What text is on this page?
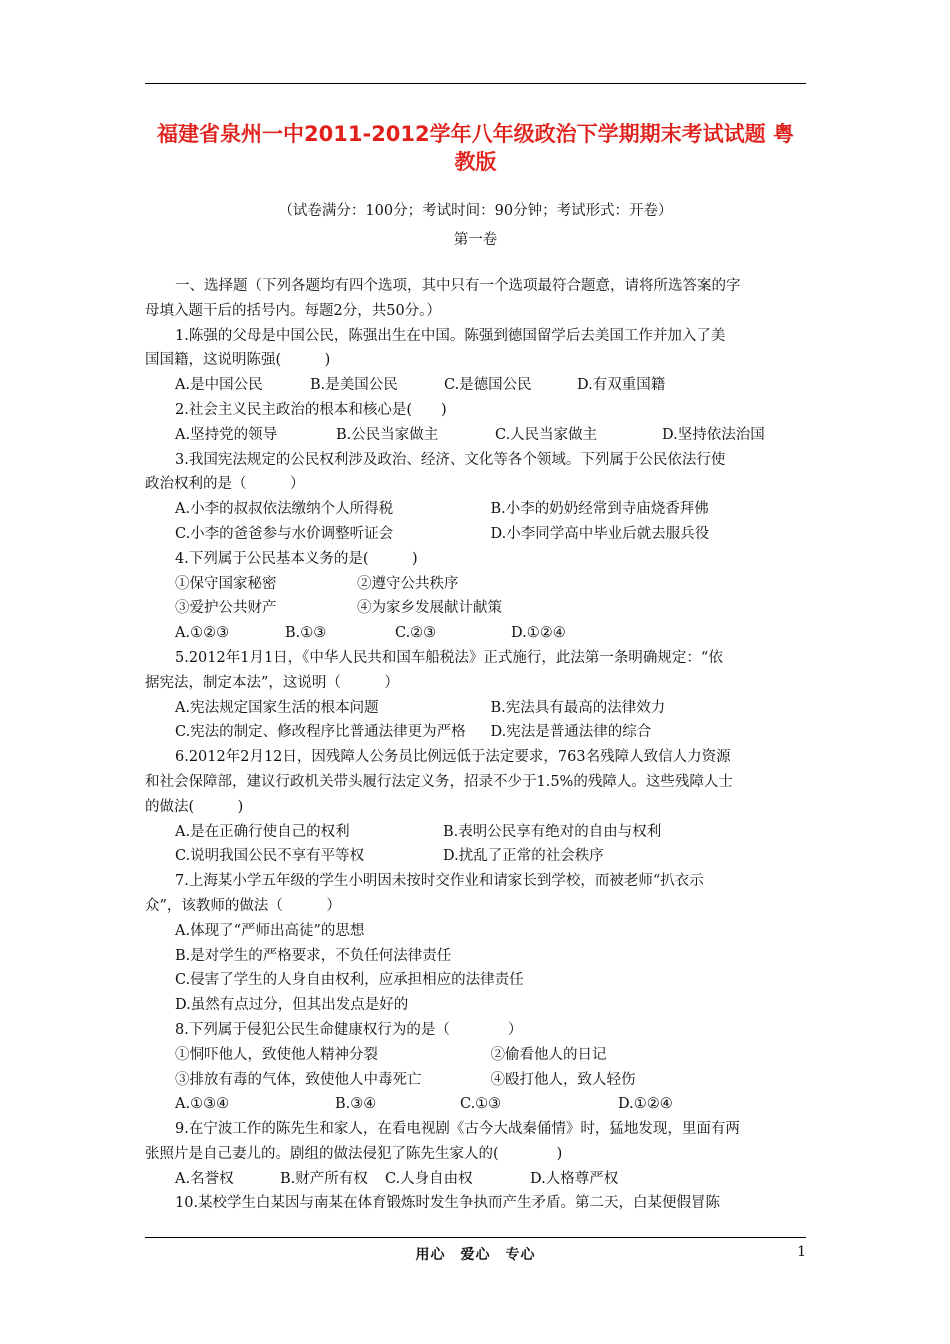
福建省泉州一中2011-2012学年八年级政治下学期期末考试试题 粤
教版
（试卷满分：100分；考试时间：90分钟；考试形式：开卷）
第一卷
一、选择题（下列各题均有四个选项，其中只有一个选项最符合题意，请将所选答案的字
母填入题干后的括号内。每题2分，共50分。）
1.陈强的父母是中国公民，陈强出生在中国。陈强到德国留学后去美国工作并加入了美
国国籍，这说明陈强(　　　)
A.是中国公民	B.是美国公民	C.是德国公民	D.有双重国籍
2.社会主义民主政治的根本和核心是(　　)
A.坚持党的领导	B.公民当家做主	C.人民当家做主	D.坚持依法治国
3.我国宪法规定的公民权利涉及政治、经济、文化等各个领域。下列属于公民依法行使
政治权利的是（　　　）
A.小李的叔叔依法缴纳个人所得税	B.小李的奶奶经常到寺庙烧香拜佛
C.小李的爸爸参与水价调整听证会	D.小李同学高中毕业后就去服兵役
4.下列属于公民基本义务的是(　　　)
①保守国家秘密	②遵守公共秩序
③爱护公共财产	④为家乡发展献计献策
A.①②③	B.①③	C.②③	D.①②④
5.2012年1月1日，《中华人民共和国车船税法》正式施行，此法第一条明确规定：“依
据宪法，制定本法”，这说明（　　　）
A.宪法规定国家生活的根本问题	B.宪法具有最高的法律效力
C.宪法的制定、修改程序比普通法律更为严格	D.宪法是普通法律的综合
6.2012年2月12日，因残障人公务员比例远低于法定要求，763名残障人致信人力资源
和社会保障部，建议行政机关带头履行法定义务，招录不少于1.5%的残障人。这些残障人士
的做法(　　　)
A.是在正确行使自己的权利	B.表明公民享有绝对的自由与权利
C.说明我国公民不享有平等权	D.扰乱了正常的社会秩序
7.上海某小学五年级的学生小明因未按时交作业和请家长到学校，而被老师“扒衣示
众”，该教师的做法（　　　）
A.体现了“严师出高徒”的思想
B.是对学生的严格要求，不负任何法律责任
C.侵害了学生的人身自由权利，应承担相应的法律责任
D.虽然有点过分，但其出发点是好的
8.下列属于侵犯公民生命健康权行为的是（　　　　）
①恫吓他人，致使他人精神分裂	②偷看他人的日记
③排放有毒的气体，致使他人中毒死亡	④殴打他人，致人轻伤
A.①③④	B.③④	C.①③	D.①②④
9.在宁波工作的陈先生和家人，在看电视剧《古今大战秦俑情》时，猛地发现，里面有两
张照片是自己妻儿的。剧组的做法侵犯了陈先生家人的(　　　　)
A.名誉权	B.财产所有权	C.人身自由权	D.人格尊严权
10.某校学生白某因与南某在体育锻炼时发生争执而产生矛盾。第二天，白某便假冒陈
用心　爱心　专心	1
